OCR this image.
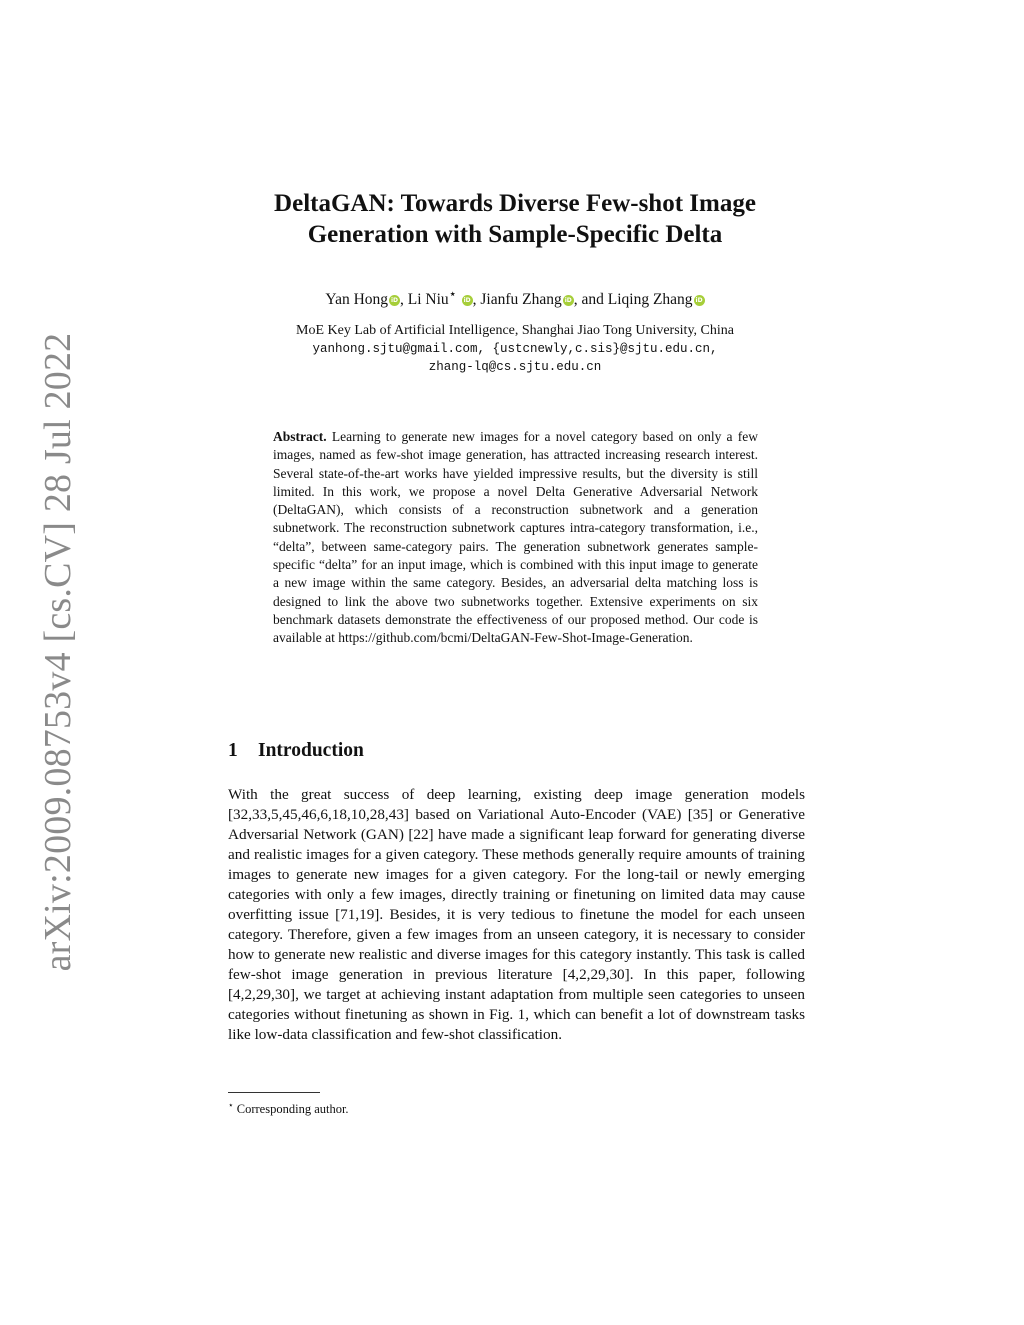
arXiv:2009.08753v4 [cs.CV] 28 Jul 2022
DeltaGAN: Towards Diverse Few-shot Image
Generation with Sample-Specific Delta
Yan Hong iD , Li Niu⋆ iD , Jianfu Zhang iD , and Liqing Zhang iD
MoE Key Lab of Artificial Intelligence, Shanghai Jiao Tong University, China
yanhong.sjtu@gmail.com, {ustcnewly,c.sis}@sjtu.edu.cn,
zhang-lq@cs.sjtu.edu.cn
Abstract. Learning to generate new images for a novel category based on only a few images, named as few-shot image generation, has attracted increasing research interest. Several state-of-the-art works have yielded impressive results, but the diversity is still limited. In this work, we propose a novel Delta Generative Adversarial Network (DeltaGAN), which consists of a reconstruction subnetwork and a generation subnetwork. The reconstruction subnetwork captures intra-category transformation, i.e., “delta”, between same-category pairs. The generation subnetwork generates sample-specific “delta” for an input image, which is combined with this input image to generate a new image within the same category. Besides, an adversarial delta matching loss is designed to link the above two subnetworks together. Extensive experiments on six benchmark datasets demonstrate the effectiveness of our proposed method. Our code is available at https://github.com/bcmi/DeltaGAN-Few-Shot-Image-Generation.
1 Introduction
With the great success of deep learning, existing deep image generation models [32,33,5,45,46,6,18,10,28,43] based on Variational Auto-Encoder (VAE) [35] or Generative Adversarial Network (GAN) [22] have made a significant leap forward for generating diverse and realistic images for a given category. These methods generally require amounts of training images to generate new images for a given category. For the long-tail or newly emerging categories with only a few images, directly training or finetuning on limited data may cause overfitting issue [71,19]. Besides, it is very tedious to finetune the model for each unseen category. Therefore, given a few images from an unseen category, it is necessary to consider how to generate new realistic and diverse images for this category instantly. This task is called few-shot image generation in previous literature [4,2,29,30]. In this paper, following [4,2,29,30], we target at achieving instant adaptation from multiple seen categories to unseen categories without finetuning as shown in Fig. 1, which can benefit a lot of downstream tasks like low-data classification and few-shot classification.
⋆ Corresponding author.
